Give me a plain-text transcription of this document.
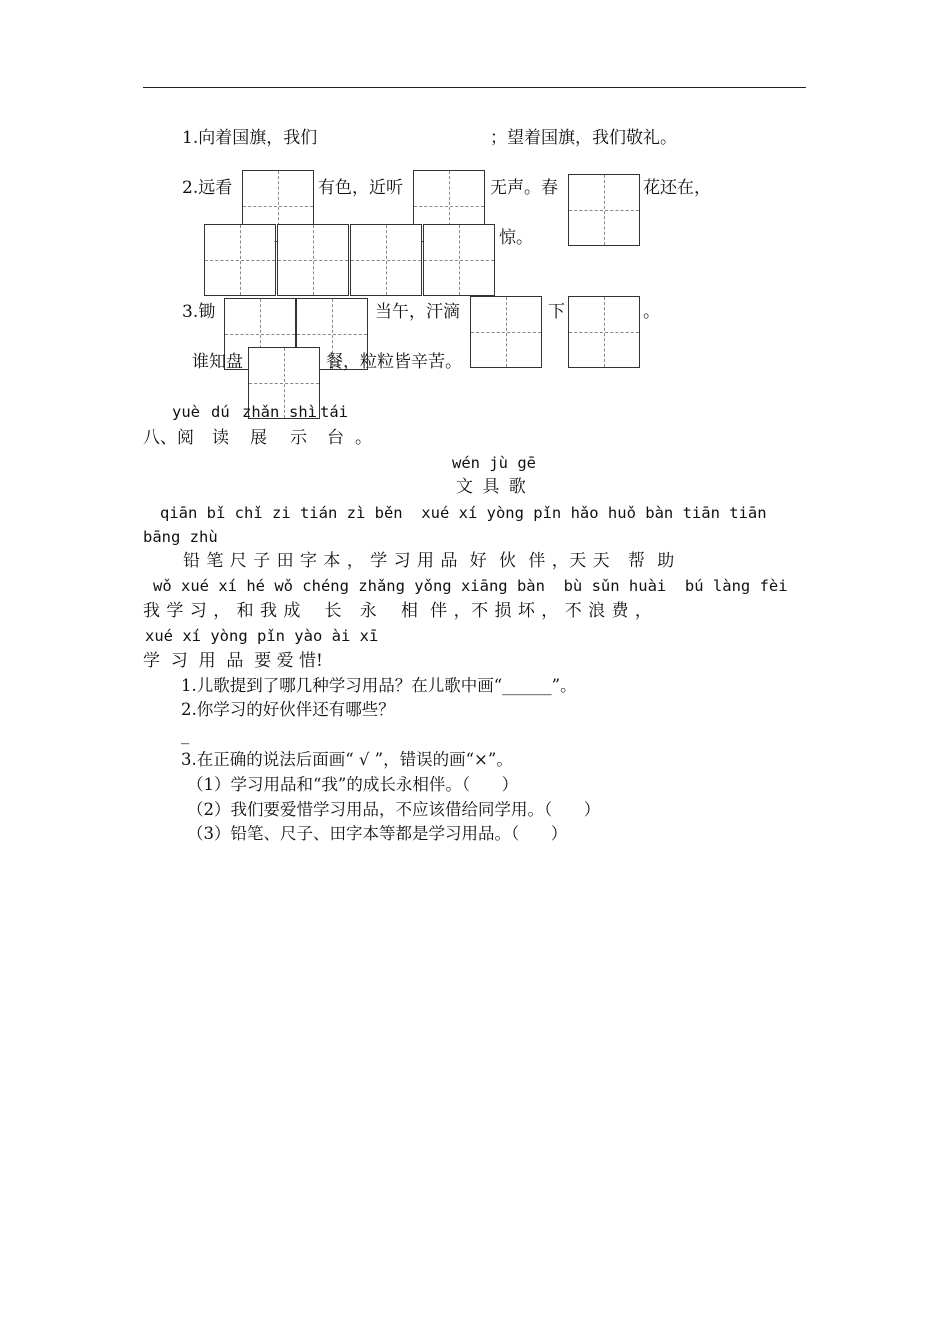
1.向着国旗，我们	；望着国旗，我们敬礼。
2.远看	有色，近听	无声。春	花还在，
惊。
3.锄	当午，汗滴	下	。
谁知盘	餐，粒粒皆辛苦。
yuè dú zhǎn shì tái
八、阅 读 展 示 台 。
wén jù gē
文 具 歌
qiān bǐ chǐ zi tián zì běn  xué xí yòng pǐn hǎo huǒ bàn tiān tiān
bāng zhù
铅 笔 尺 子 田 字 本 ， 学 习 用 品  好  伙  伴 ，天 天   帮  助
wǒ xué xí hé wǒ chéng zhǎng yǒng xiāng bàn  bù sǔn huài  bú làng fèi
我 学 习 ， 和 我 成    长   永    相  伴 ，不 损 坏 ， 不 浪 费 ，
xué xí yòng pǐn yào ài xī
学  习  用  品  要 爱 惜!
1.儿歌提到了哪几种学习用品？在儿歌中画“______”。
2.你学习的好伙伴还有哪些？
_
3.在正确的说法后面画“ √ ”，错误的画“×”。
（1）学习用品和“我”的成长永相伴。（      ）
（2）我们要爱惜学习用品，不应该借给同学用。（      ）
（3）铅笔、尺子、田字本等都是学习用品。（      ）
